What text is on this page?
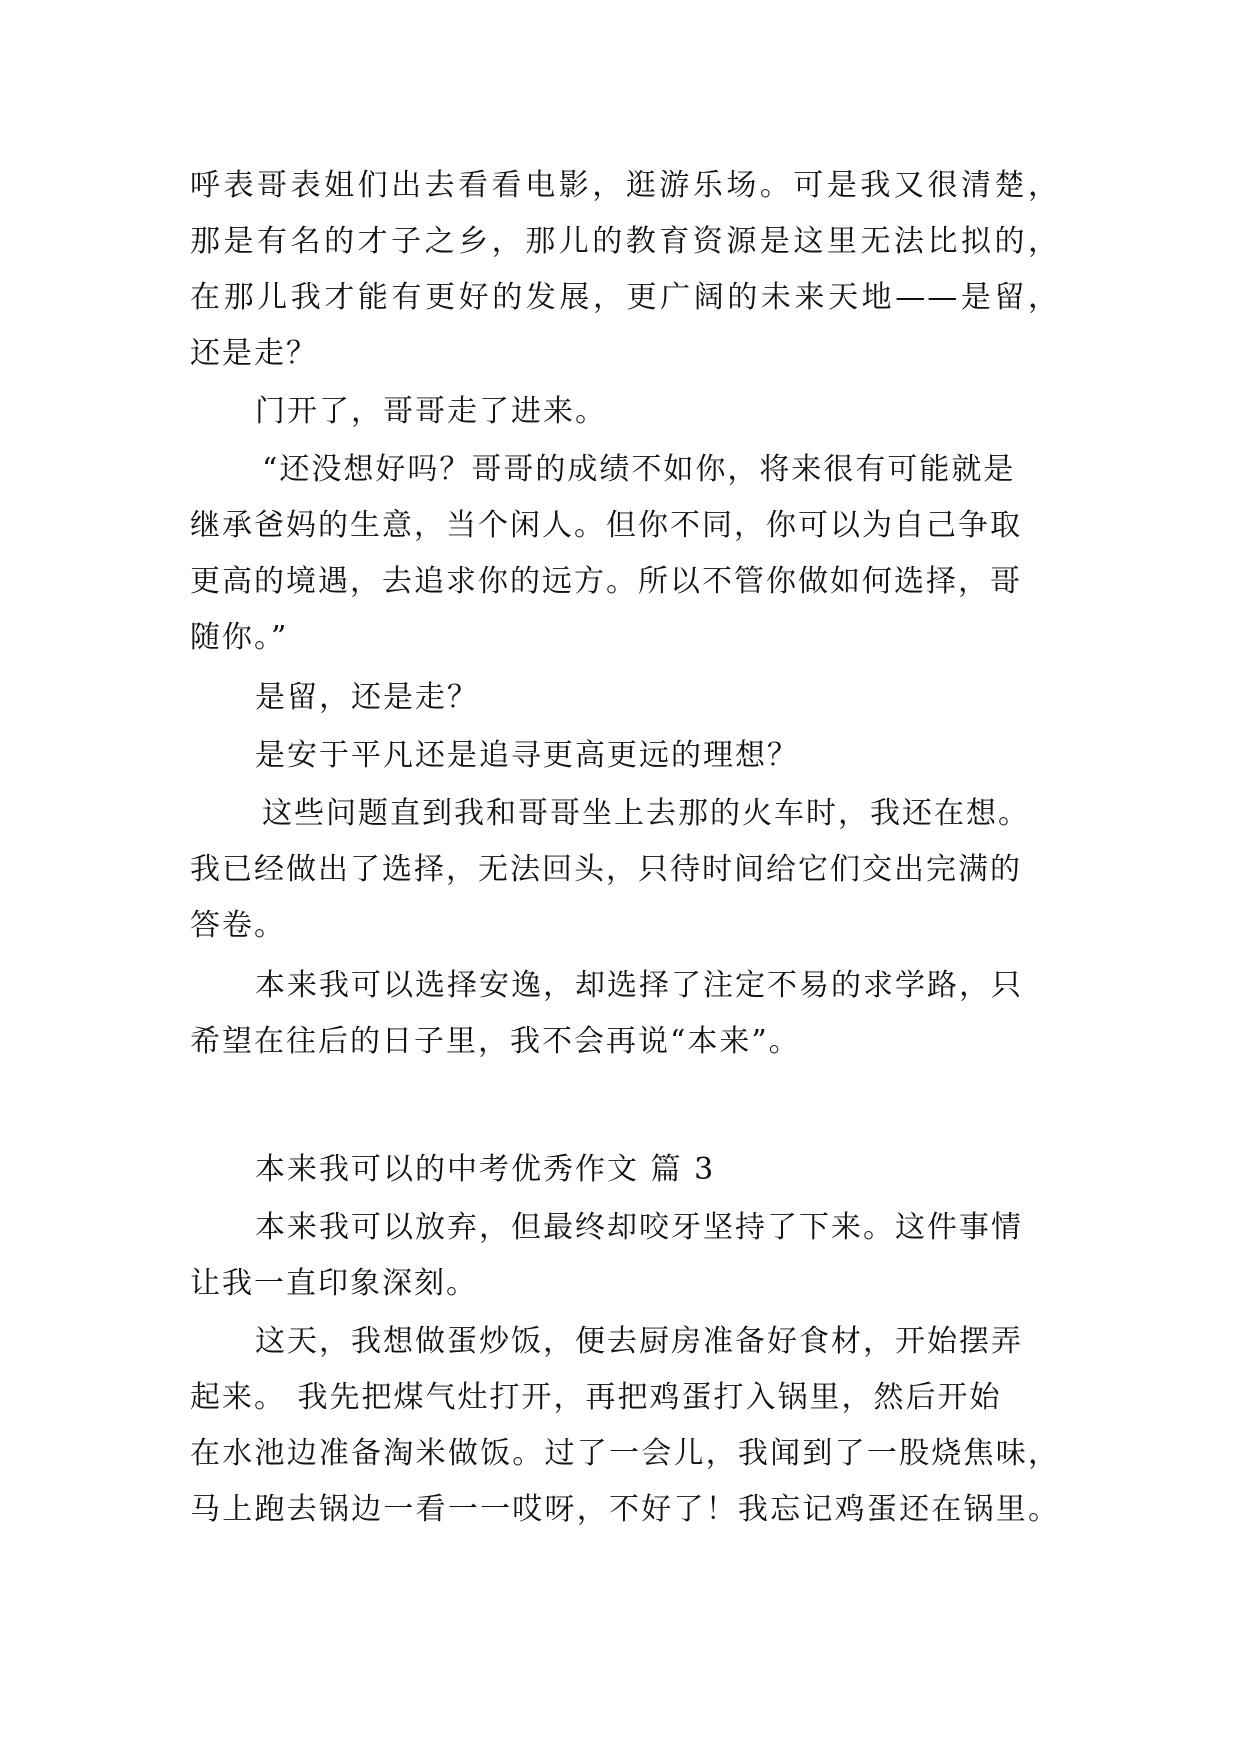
呼表哥表姐们出去看看电影，逛游乐场。可是我又很清楚，
那是有名的才子之乡，那儿的教育资源是这里无法比拟的，
在那儿我才能有更好的发展，更广阔的未来天地——是留，
还是走？
门开了，哥哥走了进来。
“还没想好吗？哥哥的成绩不如你，将来很有可能就是
继承爸妈的生意，当个闲人。但你不同，你可以为自己争取
更高的境遇，去追求你的远方。所以不管你做如何选择，哥
随你。”
是留，还是走？
是安于平凡还是追寻更高更远的理想？
这些问题直到我和哥哥坐上去那的火车时，我还在想。
我已经做出了选择，无法回头，只待时间给它们交出完满的
答卷。
本来我可以选择安逸，却选择了注定不易的求学路，只
希望在往后的日子里，我不会再说“本来”。
本来我可以的中考优秀作文 篇 3
本来我可以放弃，但最终却咬牙坚持了下来。这件事情
让我一直印象深刻。
这天，我想做蛋炒饭，便去厨房准备好食材，开始摆弄
起来。 我先把煤气灶打开，再把鸡蛋打入锅里，然后开始
在水池边准备淘米做饭。过了一会儿，我闻到了一股烧焦味，
马上跑去锅边一看一一哎呀，不好了！我忘记鸡蛋还在锅里。
